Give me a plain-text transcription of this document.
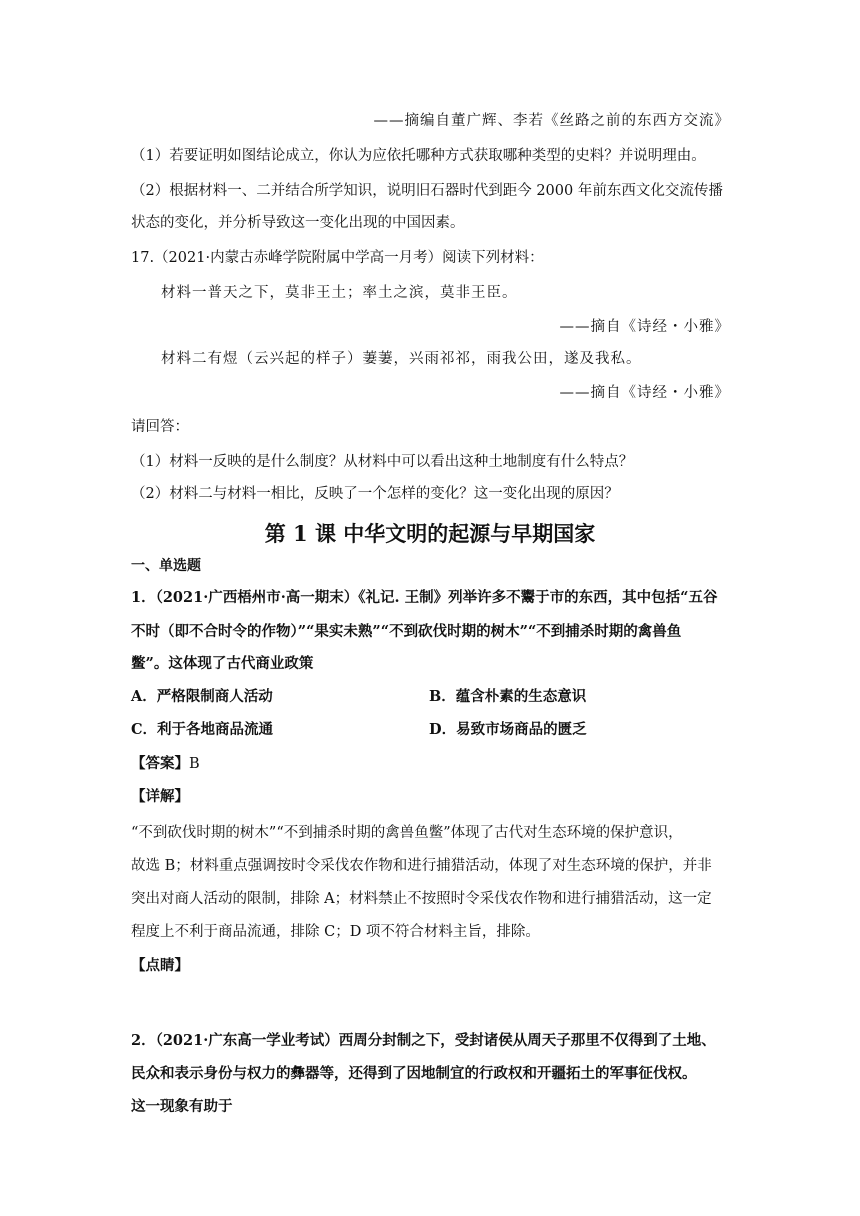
——摘编自董广辉、李若《丝路之前的东西方交流》
（1）若要证明如图结论成立，你认为应依托哪种方式获取哪种类型的史料？并说明理由。
（2）根据材料一、二并结合所学知识，说明旧石器时代到距今 2000 年前东西文化交流传播
状态的变化，并分析导致这一变化出现的中国因素。
17.（2021·内蒙古赤峰学院附属中学高一月考）阅读下列材料：
材料一普天之下，莫非王土；率土之滨，莫非王臣。
——摘自《诗经・小雅》
材料二有煜（云兴起的样子）萋萋，兴雨祁祁，雨我公田，遂及我私。
——摘自《诗经・小雅》
请回答：
（1）材料一反映的是什么制度？从材料中可以看出这种土地制度有什么特点？
（2）材料二与材料一相比，反映了一个怎样的变化？这一变化出现的原因？
第 1 课 中华文明的起源与早期国家
一、单选题
1．（2021·广西梧州市·高一期末）《礼记. 王制》列举许多不鬻于市的东西，其中包括“五谷
不时（即不合时令的作物）”“果实未熟”“不到砍伐时期的树木”“不到捕杀时期的禽兽鱼
鳖”。这体现了古代商业政策
A．严格限制商人活动	B．蕴含朴素的生态意识
C．利于各地商品流通	D．易致市场商品的匮乏
【答案】B
【详解】
“不到砍伐时期的树木”“不到捕杀时期的禽兽鱼鳖”体现了古代对生态环境的保护意识，
故选 B；材料重点强调按时令采伐农作物和进行捕猎活动，体现了对生态环境的保护，并非
突出对商人活动的限制，排除 A；材料禁止不按照时令采伐农作物和进行捕猎活动，这一定
程度上不利于商品流通，排除 C；D 项不符合材料主旨，排除。
【点睛】
2．（2021·广东高一学业考试）西周分封制之下，受封诸侯从周天子那里不仅得到了土地、
民众和表示身份与权力的彝器等，还得到了因地制宜的行政权和开疆拓土的军事征伐权。
这一现象有助于
